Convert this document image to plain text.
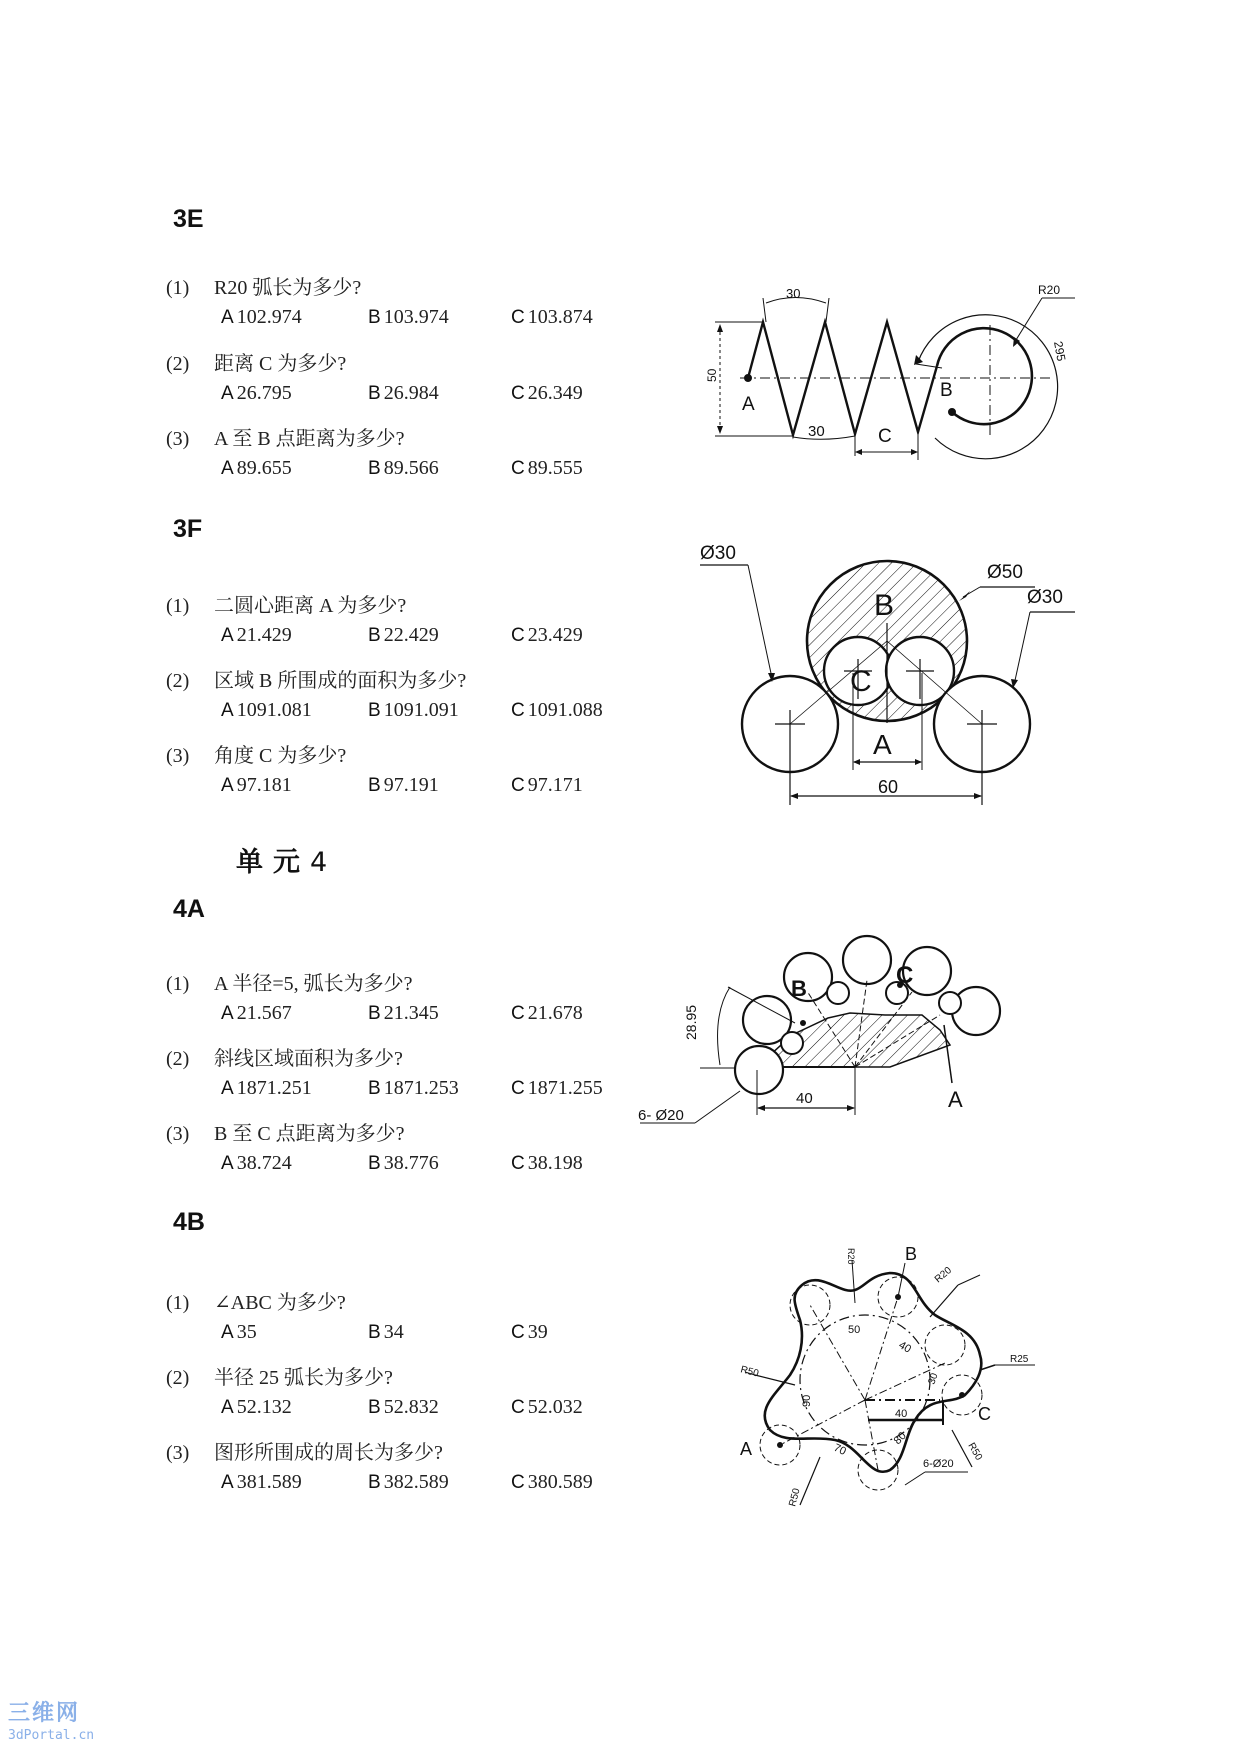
3E
(1) R20 弧长为多少?
A 102.974	B 103.974	C 103.874
(2) 距离 C 为多少?
A 26.795	B 26.984	C 26.349
(3) A 至 B 点距离为多少?
A 89.655	B 89.566	C 89.555
30
30
50
R20
295
A
B
C
3F
(1) 二圆心距离 A 为多少?
A 21.429	B 22.429	C 23.429
(2) 区域 B 所围成的面积为多少?
A 1091.081	B 1091.091	C 1091.088
(3) 角度 C 为多少?
A 97.181	B 97.191	C 97.171
Ø30
Ø50
Ø30
60
B
C
A
单元4
4A
(1) A 半径=5, 弧长为多少?
A 21.567	B 21.345	C 21.678
(2) 斜线区域面积为多少?
A 1871.251	B 1871.253	C 1871.255
(3) B 至 C 点距离为多少?
A 38.724	B 38.776	C 38.198
B	C
A
40
28.95
6- Ø20
4B
(1) ∠ABC 为多少?
A 35	B 34	C 39
(2) 半径 25 弧长为多少?
A 52.132	B 52.832	C 52.032
(3) 图形所围成的周长为多少?
A 381.589	B 382.589	C 380.589
B
C
A
R20
R20
R25
R50
R50
R50
6-Ø20
50
40
30
90
40
80
70
三维网
3dPortal.cn
